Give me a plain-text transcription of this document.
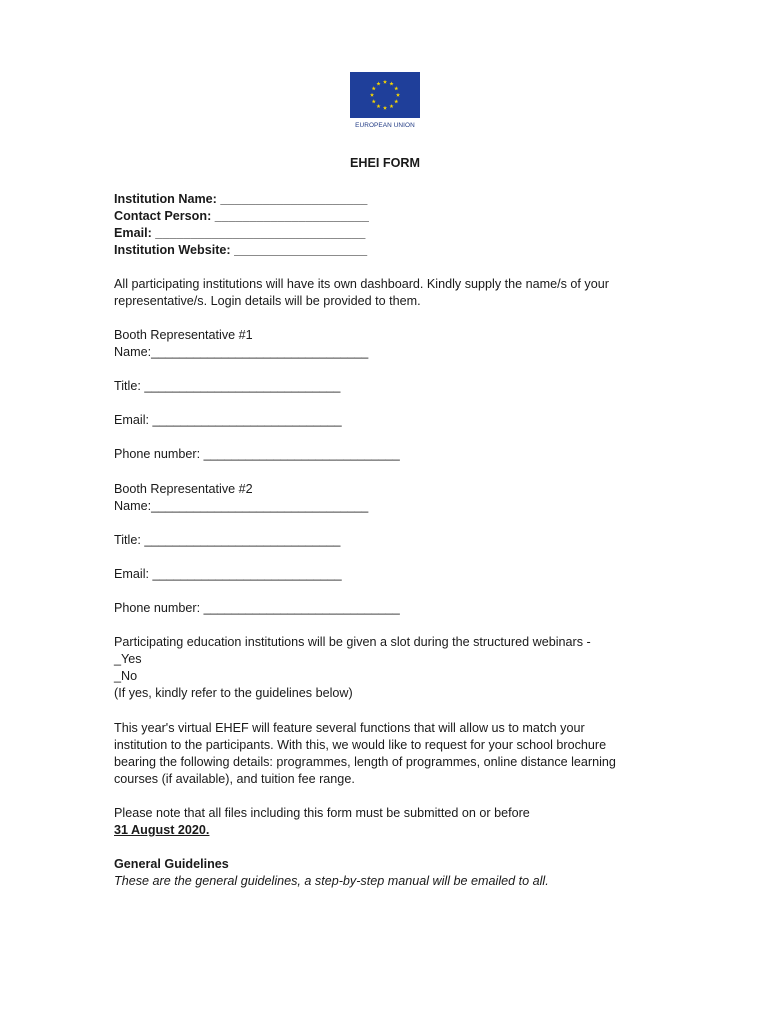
EUROPEAN UNION
EHEI FORM
Institution Name: _____________________
Contact Person: ______________________
Email: ______________________________
Institution Website: ___________________
All participating institutions will have its own dashboard. Kindly supply the name/s of your
representative/s. Login details will be provided to them.
Booth Representative #1
Name:_______________________________
Title: ____________________________
Email: ___________________________
Phone number: ____________________________
Booth Representative #2
Name:_______________________________
Title: ____________________________
Email: ___________________________
Phone number: ____________________________
Participating education institutions will be given a slot during the structured webinars -
_Yes
_No
(If yes, kindly refer to the guidelines below)
This year's virtual EHEF will feature several functions that will allow us to match your
institution to the participants. With this, we would like to request for your school brochure
bearing the following details: programmes, length of programmes, online distance learning
courses (if available), and tuition fee range.
Please note that all files including this form must be submitted on or before
31 August 2020.
General Guidelines
These are the general guidelines, a step-by-step manual will be emailed to all.
